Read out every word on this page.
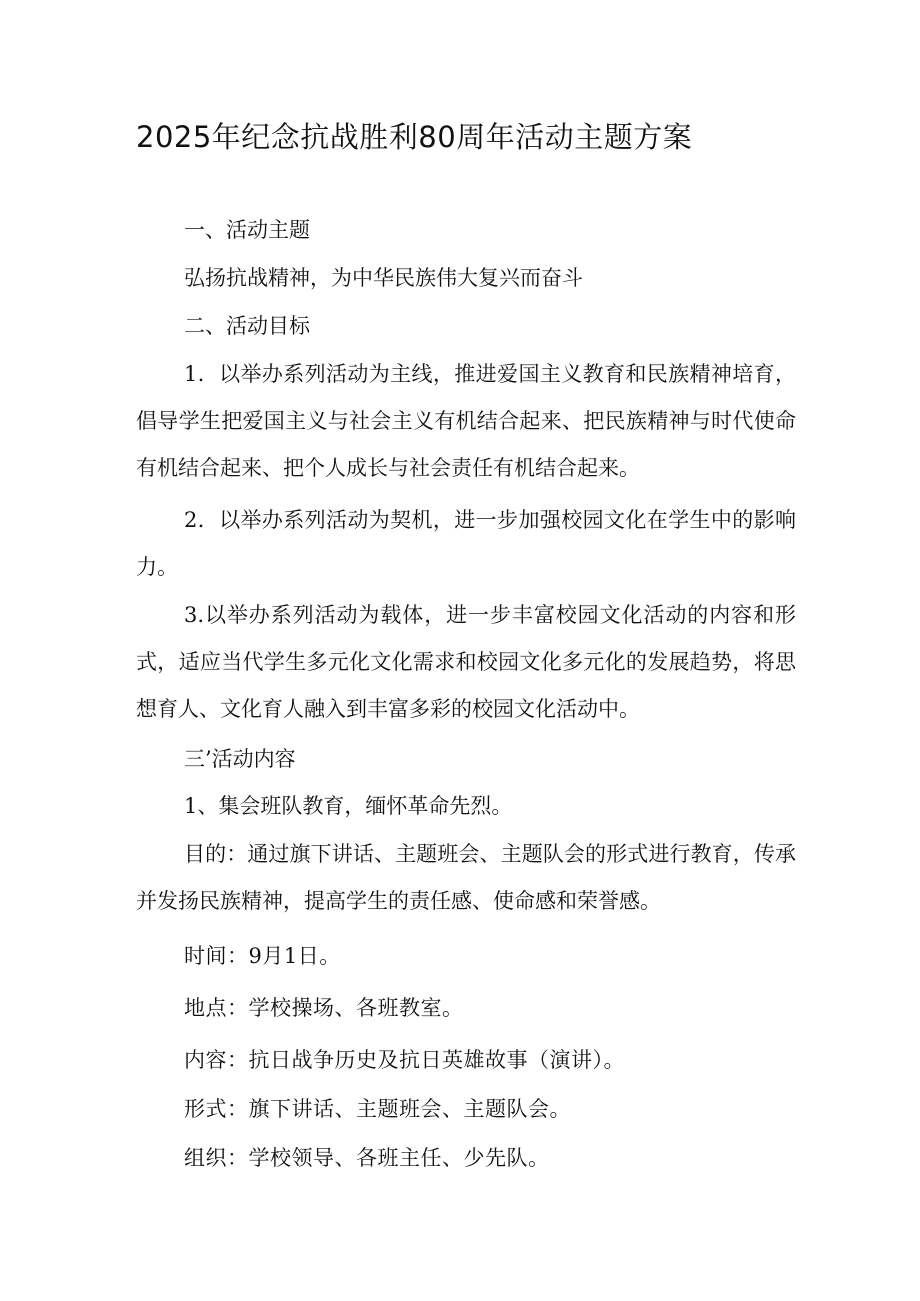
2025年纪念抗战胜利80周年活动主题方案

一、活动主题

弘扬抗战精神，为中华民族伟大复兴而奋斗

二、活动目标

1．以举办系列活动为主线，推进爱国主义教育和民族精神培育，倡导学生把爱国主义与社会主义有机结合起来、把民族精神与时代使命有机结合起来、把个人成长与社会责任有机结合起来。

2．以举办系列活动为契机，进一步加强校园文化在学生中的影响力。

3.以举办系列活动为载体，进一步丰富校园文化活动的内容和形式，适应当代学生多元化文化需求和校园文化多元化的发展趋势，将思想育人、文化育人融入到丰富多彩的校园文化活动中。

三’活动内容

1、集会班队教育，缅怀革命先烈。

目的：通过旗下讲话、主题班会、主题队会的形式进行教育，传承并发扬民族精神，提高学生的责任感、使命感和荣誉感。

时间：9月1日。

地点：学校操场、各班教室。

内容：抗日战争历史及抗日英雄故事（演讲）。

形式：旗下讲话、主题班会、主题队会。

组织：学校领导、各班主任、少先队。
